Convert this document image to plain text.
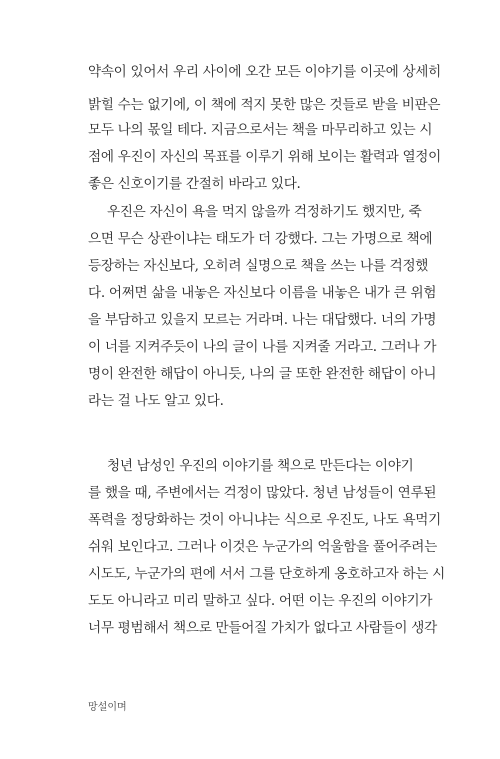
약속이 있어서 우리 사이에 오간 모든 이야기를 이곳에 상세히
밝힐 수는 없기에, 이 책에 적지 못한 많은 것들로 받을 비판은
모두 나의 몫일 테다. 지금으로서는 책을 마무리하고 있는 시
점에 우진이 자신의 목표를 이루기 위해 보이는 활력과 열정이
좋은 신호이기를 간절히 바라고 있다.
우진은 자신이 욕을 먹지 않을까 걱정하기도 했지만, 죽
으면 무슨 상관이냐는 태도가 더 강했다. 그는 가명으로 책에
등장하는 자신보다, 오히려 실명으로 책을 쓰는 나를 걱정했
다. 어쩌면 삶을 내놓은 자신보다 이름을 내놓은 내가 큰 위험
을 부담하고 있을지 모르는 거라며. 나는 대답했다. 너의 가명
이 너를 지켜주듯이 나의 글이 나를 지켜줄 거라고. 그러나 가
명이 완전한 해답이 아니듯, 나의 글 또한 완전한 해답이 아니
라는 걸 나도 알고 있다.
청년 남성인 우진의 이야기를 책으로 만든다는 이야기
를 했을 때, 주변에서는 걱정이 많았다. 청년 남성들이 연루된
폭력을 정당화하는 것이 아니냐는 식으로 우진도, 나도 욕먹기
쉬워 보인다고. 그러나 이것은 누군가의 억울함을 풀어주려는
시도도, 누군가의 편에 서서 그를 단호하게 옹호하고자 하는 시
도도 아니라고 미리 말하고 싶다. 어떤 이는 우진의 이야기가
너무 평범해서 책으로 만들어질 가치가 없다고 사람들이 생각
망설이며
